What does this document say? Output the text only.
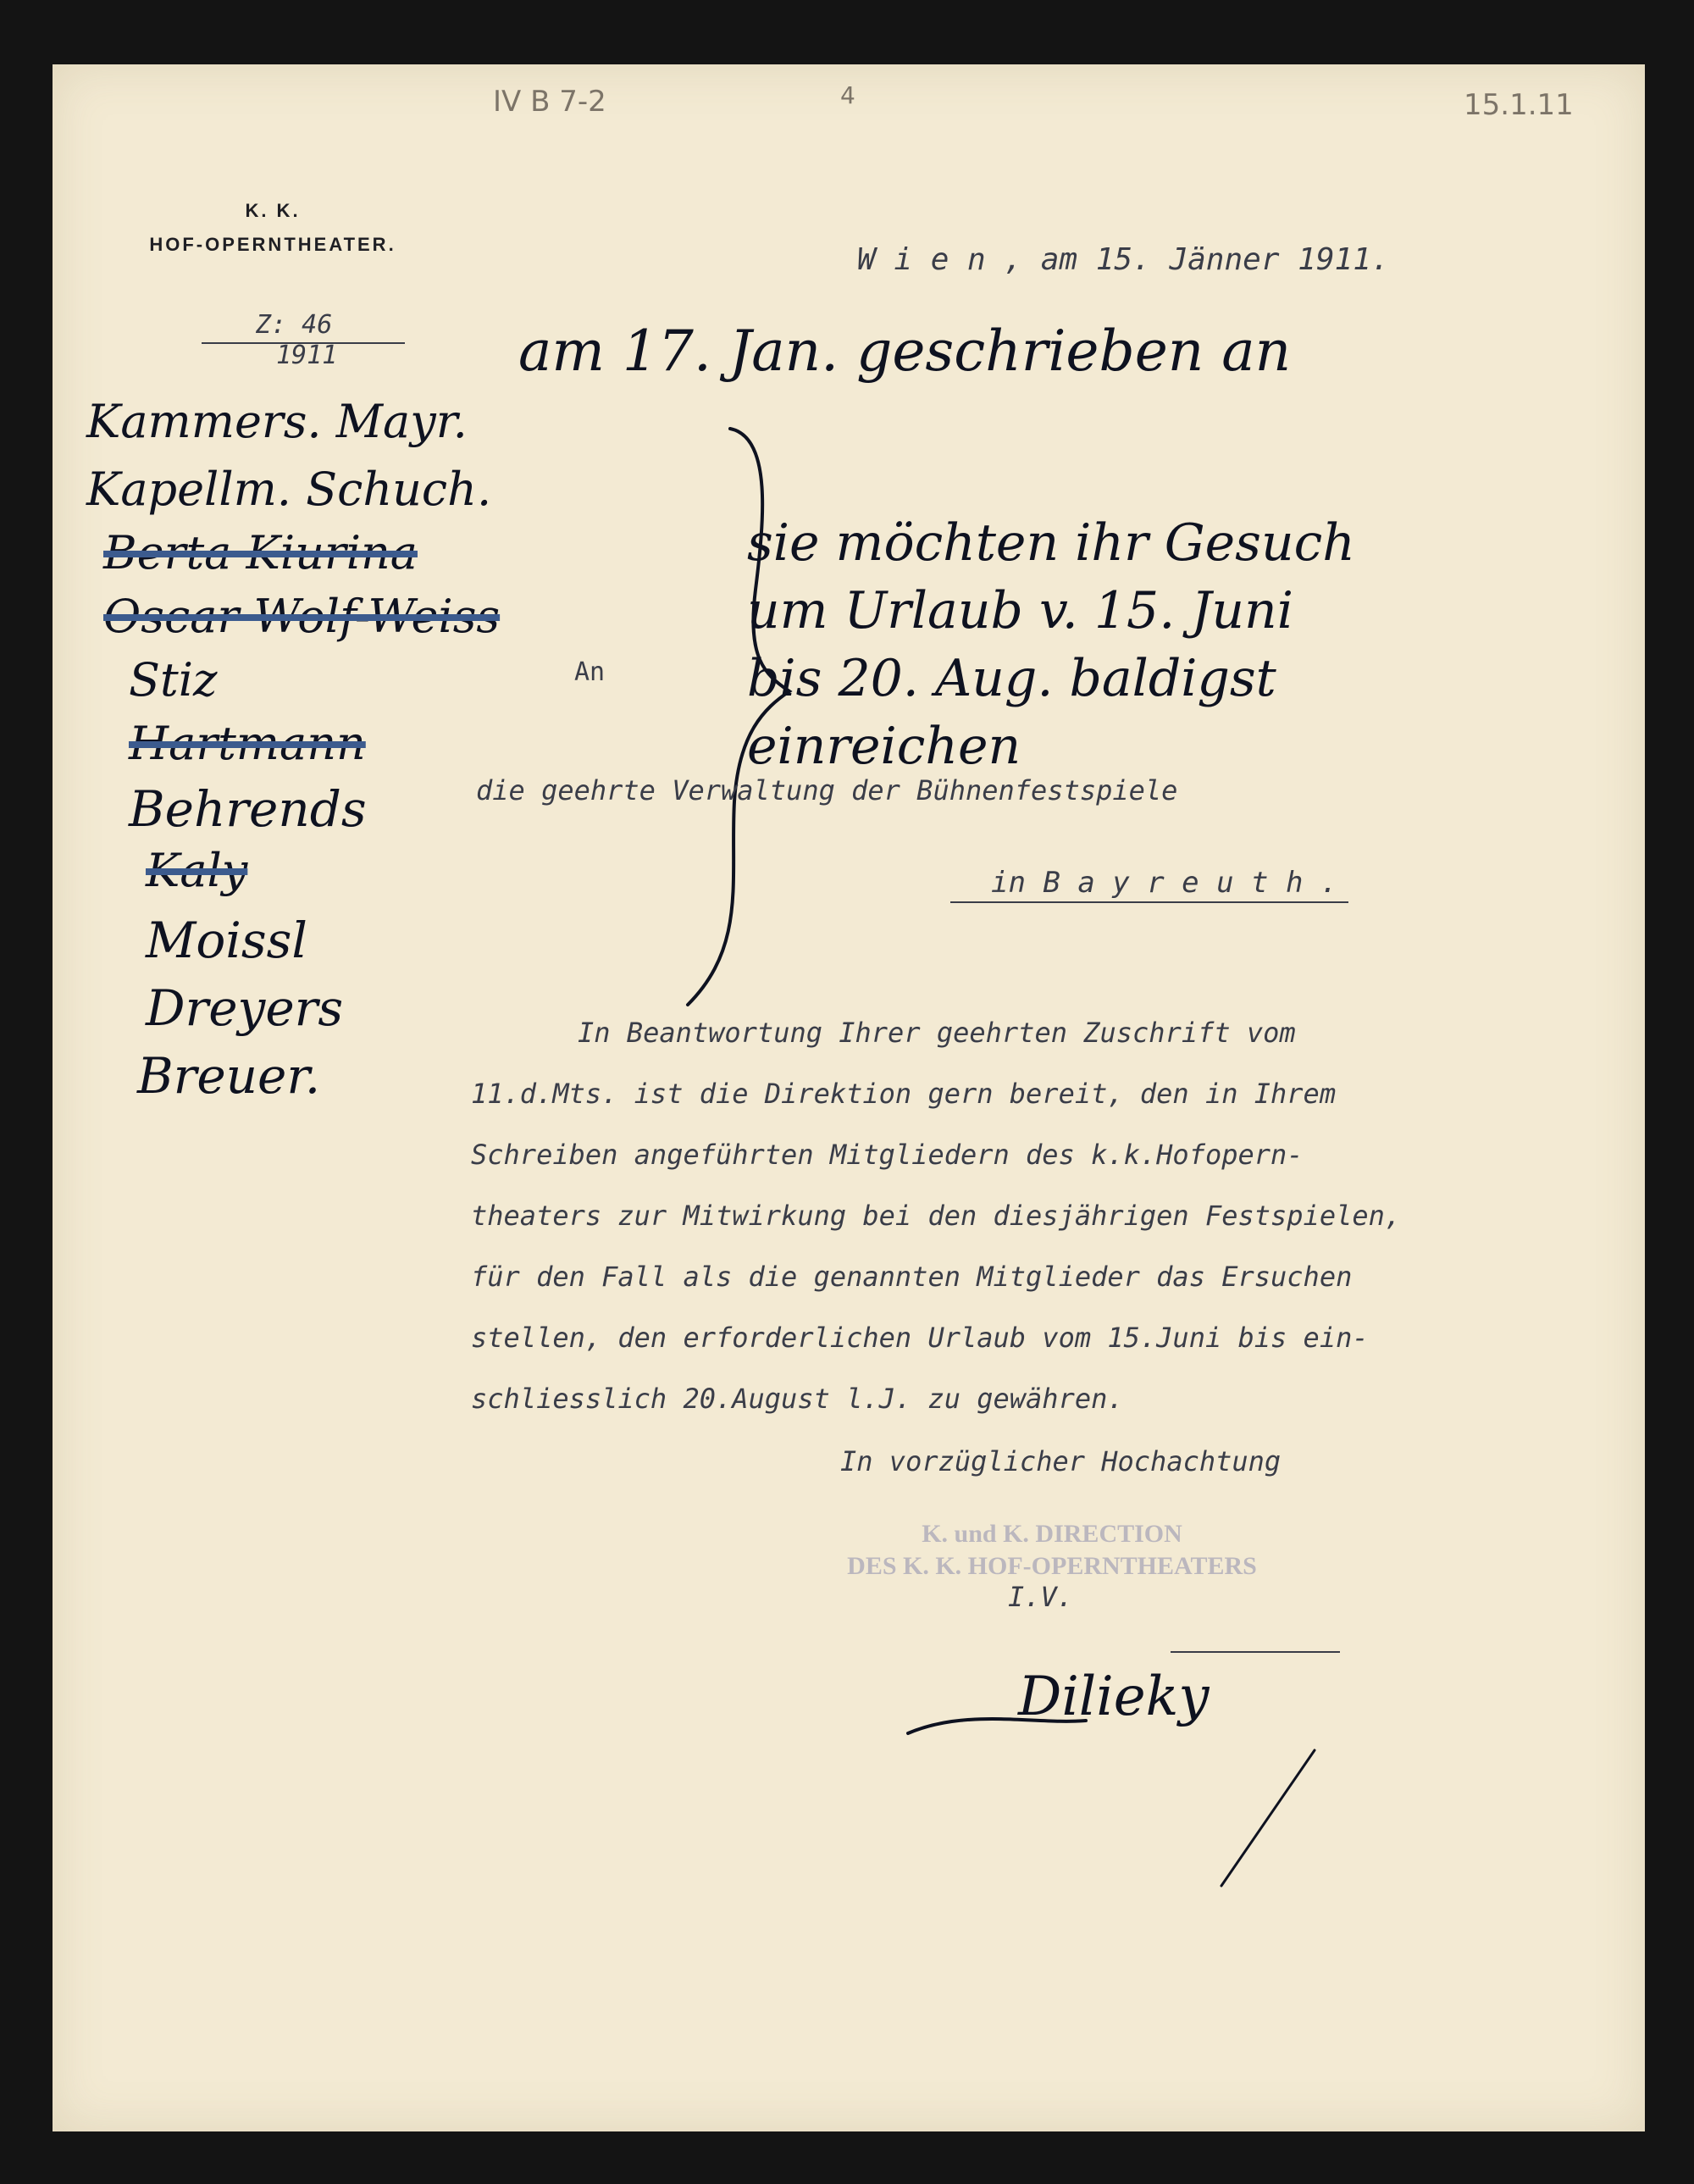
IV B 7-2	4	15.1.11
K. K.
HOF-OPERNTHEATER.
Z: 46
1911
W i e n , am 15. Jänner 1911.
am 17. Jan. geschrieben an
Kammers. Mayr.
Kapellm. Schuch.
Berta Kiurina
Oscar Wolf-Weiss
Stiz
Hartmann
Behrends
Kaly
Moissl
Dreyers
Breuer.
sie möchten ihr Gesuch
um Urlaub v. 15. Juni
bis 20. Aug. baldigst
einreichen
An
die geehrte Verwaltung der Bühnenfestspiele
in B a y r e u t h .
In Beantwortung Ihrer geehrten Zuschrift vom
11.d.Mts. ist die Direktion gern bereit, den in Ihrem
Schreiben angeführten Mitgliedern des k.k.Hofopern-
theaters zur Mitwirkung bei den diesjährigen Festspielen,
für den Fall als die genannten Mitglieder das Ersuchen
stellen, den erforderlichen Urlaub vom 15.Juni bis ein-
schliesslich 20.August l.J. zu gewähren.
In vorzüglicher Hochachtung
K. und K. DIRECTION
DES K. K. HOF-OPERNTHEATERS
I.V.
Dilieky
